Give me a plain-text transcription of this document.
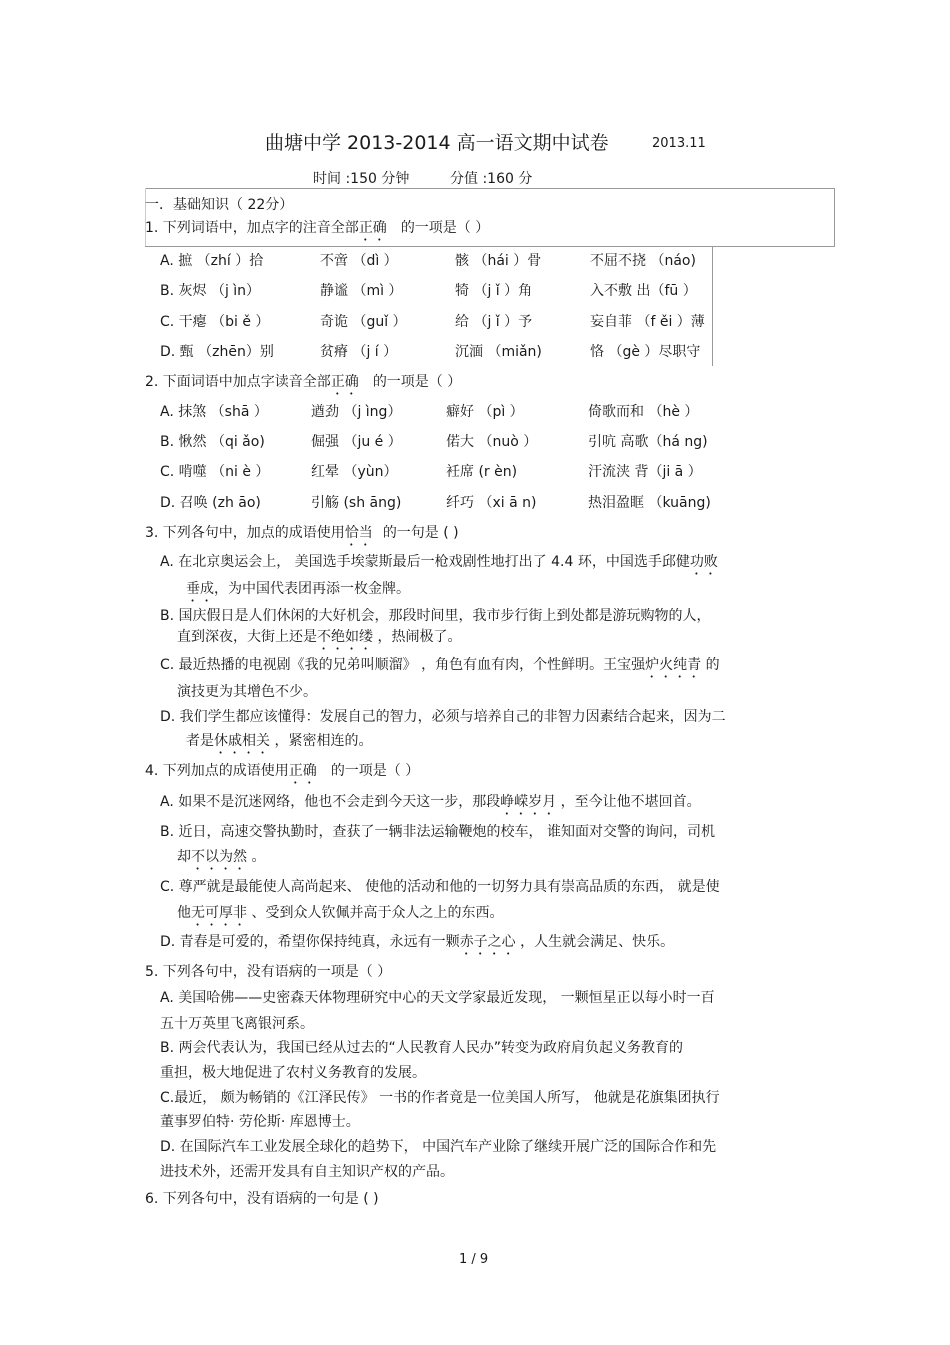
曲塘中学 2013-2014 高一语文期中试卷	2013.11
时间 :150 分钟	分值 :160 分
一．基础知识（ 22分）
1. 下列词语中，加点字的注音全部正确 的一项是（ ）
A. 摭 （zhí ）拾	不啻 （dì ）	骸 （hái ）骨	不屈不挠 （náo)
B. 灰烬 （j ìn）	静谧 （mì ）	犄 （j ǐ ）角	入不敷 出（fū ）
C. 干瘪 （bi ě ）	奇诡 （guǐ ）	给 （j ǐ ）予	妄自菲 （f ěi ）薄
D. 甄 （zhēn）别	贫瘠 （j í ）	沉湎 （miǎn)	恪 （gè ）尽职守
2. 下面词语中加点字读音全部正确 的一项是（ ）
A. 抹煞 （shā ）	遒劲 （j ìng）	癖好 （pì ）	倚歌而和 （hè ）
B. 愀然 （qi ǎo)	倔强 （ju é ）	偌大 （nuò ）	引吭 高歌（há ng)
C. 啃噬 （ni è ）	红晕 （yùn）	衽席 (r èn)	汗流浃 背（ji ā ）
D. 召唤 (zh āo)	引觞 (sh āng)	纤巧 （xi ā n)	热泪盈眶 （kuāng)
3. 下列各句中，加点的成语使用恰当 的一句是 ( )
A. 在北京奥运会上， 美国选手埃蒙斯最后一枪戏剧性地打出了 4.4 环，中国选手邱健功败
垂成，为中国代表团再添一枚金牌。
B. 国庆假日是人们休闲的大好机会，那段时间里，我市步行街上到处都是游玩购物的人，
直到深夜，大街上还是不绝如缕 ，热闹极了。
C. 最近热播的电视剧《我的兄弟叫顺溜》 ，角色有血有肉，个性鲜明。王宝强炉火纯青 的
演技更为其增色不少。
D. 我们学生都应该懂得：发展自己的智力，必须与培养自己的非智力因素结合起来，因为二
者是休戚相关 ，紧密相连的。
4. 下列加点的成语使用正确 的一项是（ ）
A. 如果不是沉迷网络，他也不会走到今天这一步，那段峥嵘岁月 ，至今让他不堪回首。
B. 近日，高速交警执勤时，查获了一辆非法运输鞭炮的校车， 谁知面对交警的询问，司机
却不以为然 。
C. 尊严就是最能使人高尚起来、 使他的活动和他的一切努力具有崇高品质的东西， 就是使
他无可厚非 、受到众人钦佩并高于众人之上的东西。
D. 青春是可爱的，希望你保持纯真，永远有一颗赤子之心 ，人生就会满足、快乐。
5. 下列各句中，没有语病的一项是（ ）
A. 美国哈佛——史密森天体物理研究中心的天文学家最近发现， 一颗恒星正以每小时一百
五十万英里飞离银河系。
B. 两会代表认为，我国已经从过去的“人民教育人民办”转变为政府肩负起义务教育的
重担，极大地促进了农村义务教育的发展。
C.最近， 颇为畅销的《江泽民传》 一书的作者竟是一位美国人所写， 他就是花旗集团执行
董事罗伯特· 劳伦斯· 库恩博士。
D. 在国际汽车工业发展全球化的趋势下， 中国汽车产业除了继续开展广泛的国际合作和先
进技术外，还需开发具有自主知识产权的产品。
6. 下列各句中，没有语病的一句是 ( )
1 / 9
